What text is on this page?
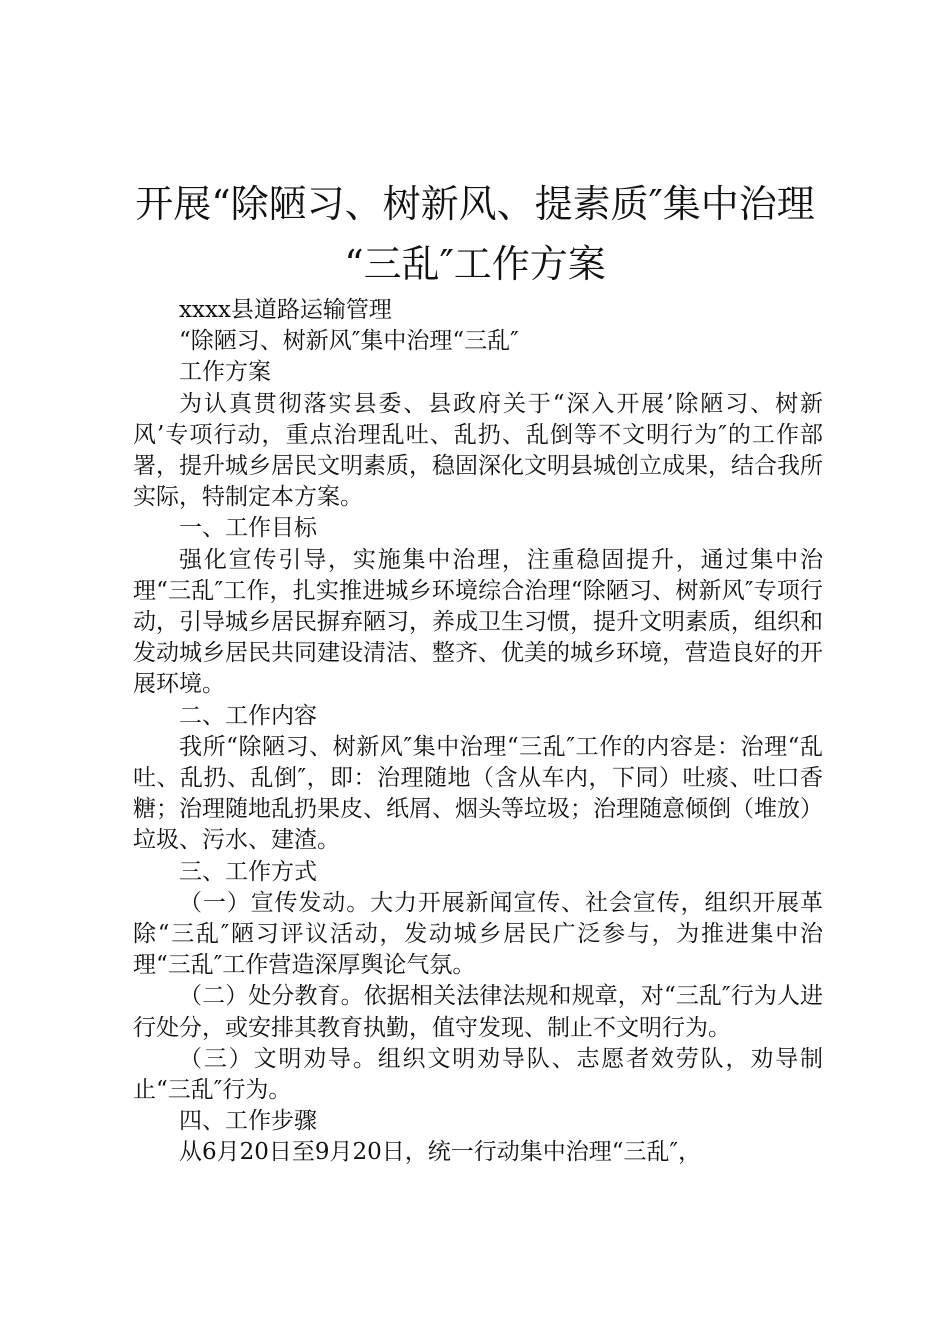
开展“除陋习、树新风、提素质″集中治理
“三乱″工作方案

xxxx县道路运输管理

“除陋习、树新风″集中治理“三乱″

工作方案

为认真贯彻落实县委、县政府关于“深入开展’除陋习、树新风’专项行动，重点治理乱吐、乱扔、乱倒等不文明行为″的工作部署，提升城乡居民文明素质，稳固深化文明县城创立成果，结合我所实际，特制定本方案。

一、工作目标

强化宣传引导，实施集中治理，注重稳固提升，通过集中治理“三乱″工作，扎实推进城乡环境综合治理“除陋习、树新风″专项行动，引导城乡居民摒弃陋习，养成卫生习惯，提升文明素质，组织和发动城乡居民共同建设清洁、整齐、优美的城乡环境，营造良好的开展环境。

二、工作内容

我所“除陋习、树新风″集中治理“三乱″工作的内容是：治理“乱吐、乱扔、乱倒″，即：治理随地（含从车内，下同）吐痰、吐口香糖；治理随地乱扔果皮、纸屑、烟头等垃圾；治理随意倾倒（堆放）垃圾、污水、建渣。

三、工作方式

（一）宣传发动。大力开展新闻宣传、社会宣传，组织开展革除“三乱″陋习评议活动，发动城乡居民广泛参与，为推进集中治理“三乱″工作营造深厚舆论气氛。

（二）处分教育。依据相关法律法规和规章，对“三乱″行为人进行处分，或安排其教育执勤，值守发现、制止不文明行为。

（三）文明劝导。组织文明劝导队、志愿者效劳队，劝导制止“三乱″行为。

四、工作步骤

从6月20日至9月20日，统一行动集中治理“三乱″，
